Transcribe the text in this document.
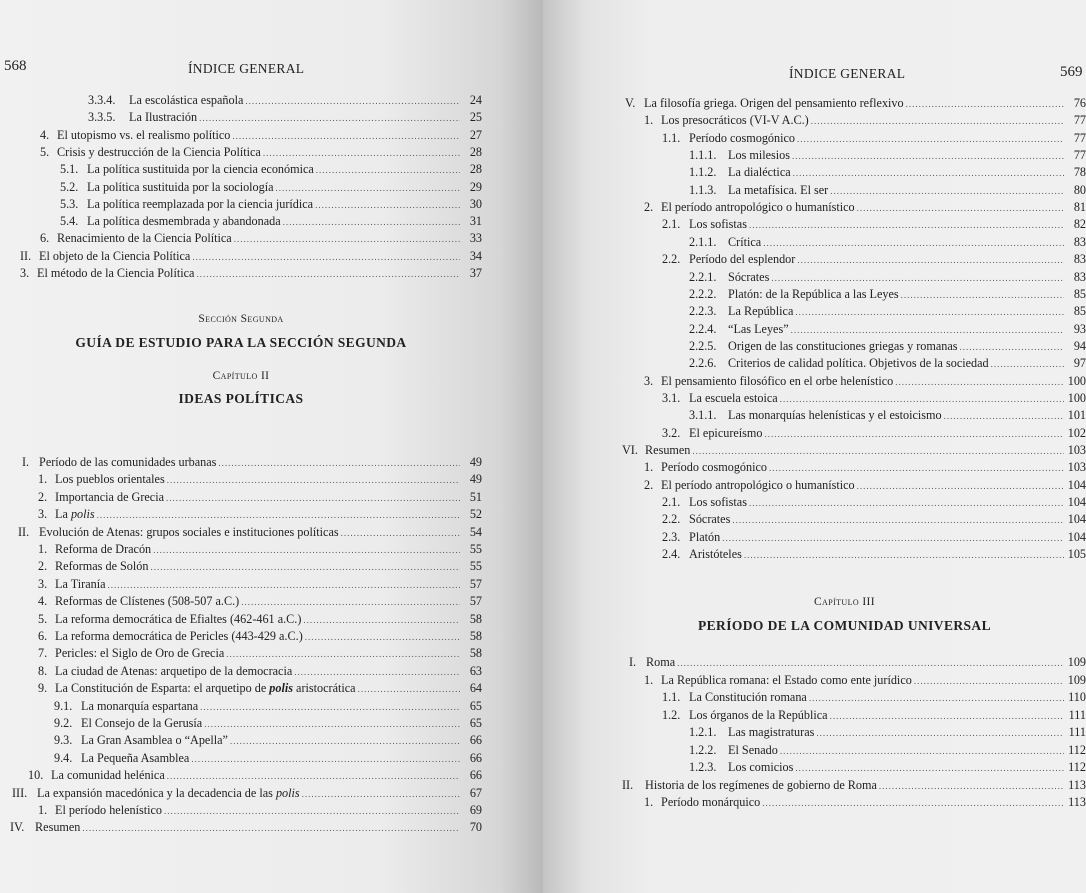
568	ÍNDICE GENERAL
3.3.4. La escolástica española .....	24
3.3.5. La Ilustración .....	25
4. El utopismo vs. el realismo político .....	27
5. Crisis y destrucción de la Ciencia Política .....	28
5.1. La política sustituida por la ciencia económica .....	28
5.2. La política sustituida por la sociología .....	29
5.3. La política reemplazada por la ciencia jurídica .....	30
5.4. La política desmembrada y abandonada .....	31
6. Renacimiento de la Ciencia Política .....	33
II. El objeto de la Ciencia Política .....	34
3. El método de la Ciencia Política .....	37
Sección Segunda
GUÍA DE ESTUDIO PARA LA SECCIÓN SEGUNDA
Capítulo II
IDEAS POLÍTICAS
I. Período de las comunidades urbanas .....	49
1. Los pueblos orientales .....	49
2. Importancia de Grecia .....	51
3. La polis .....	52
II. Evolución de Atenas: grupos sociales e instituciones políticas .....	54
1. Reforma de Dracón .....	55
2. Reformas de Solón .....	55
3. La Tiranía .....	57
4. Reformas de Clístenes (508-507 a.C.) .....	57
5. La reforma democrática de Efialtes (462-461 a.C.) .....	58
6. La reforma democrática de Pericles (443-429 a.C.) .....	58
7. Pericles: el Siglo de Oro de Grecia .....	58
8. La ciudad de Atenas: arquetipo de la democracia .....	63
9. La Constitución de Esparta: el arquetipo de polis aristocrática .....	64
9.1. La monarquía espartana .....	65
9.2. El Consejo de la Gerusía .....	65
9.3. La Gran Asamblea o “Apella” .....	66
9.4. La Pequeña Asamblea .....	66
10. La comunidad helénica .....	66
III. La expansión macedónica y la decadencia de las polis .....	67
1. El período helenístico .....	69
IV. Resumen .....	70
ÍNDICE GENERAL	569
V. La filosofía griega. Origen del pensamiento reflexivo .....	76
1. Los presocráticos (VI-V A.C.) .....	77
1.1. Período cosmogónico .....	77
1.1.1. Los milesios .....	77
1.1.2. La dialéctica .....	78
1.1.3. La metafísica. El ser .....	80
2. El período antropológico o humanístico .....	81
2.1. Los sofistas .....	82
2.1.1. Crítica .....	83
2.2. Período del esplendor .....	83
2.2.1. Sócrates .....	83
2.2.2. Platón: de la República a las Leyes .....	85
2.2.3. La República .....	85
2.2.4. “Las Leyes” .....	93
2.2.5. Origen de las constituciones griegas y romanas .....	94
2.2.6. Criterios de calidad política. Objetivos de la sociedad .....	97
3. El pensamiento filosófico en el orbe helenístico .....	100
3.1. La escuela estoica .....	100
3.1.1. Las monarquías helenísticas y el estoicismo .....	101
3.2. El epicureísmo .....	102
VI. Resumen .....	103
1. Período cosmogónico .....	103
2. El período antropológico o humanístico .....	104
2.1. Los sofistas .....	104
2.2. Sócrates .....	104
2.3. Platón .....	104
2.4. Aristóteles .....	105
Capítulo III
PERÍODO DE LA COMUNIDAD UNIVERSAL
I. Roma .....	109
1. La República romana: el Estado como ente jurídico .....	109
1.1. La Constitución romana .....	110
1.2. Los órganos de la República .....	111
1.2.1. Las magistraturas .....	111
1.2.2. El Senado .....	112
1.2.3. Los comicios .....	112
II. Historia de los regímenes de gobierno de Roma .....	113
1. Período monárquico .....	113
